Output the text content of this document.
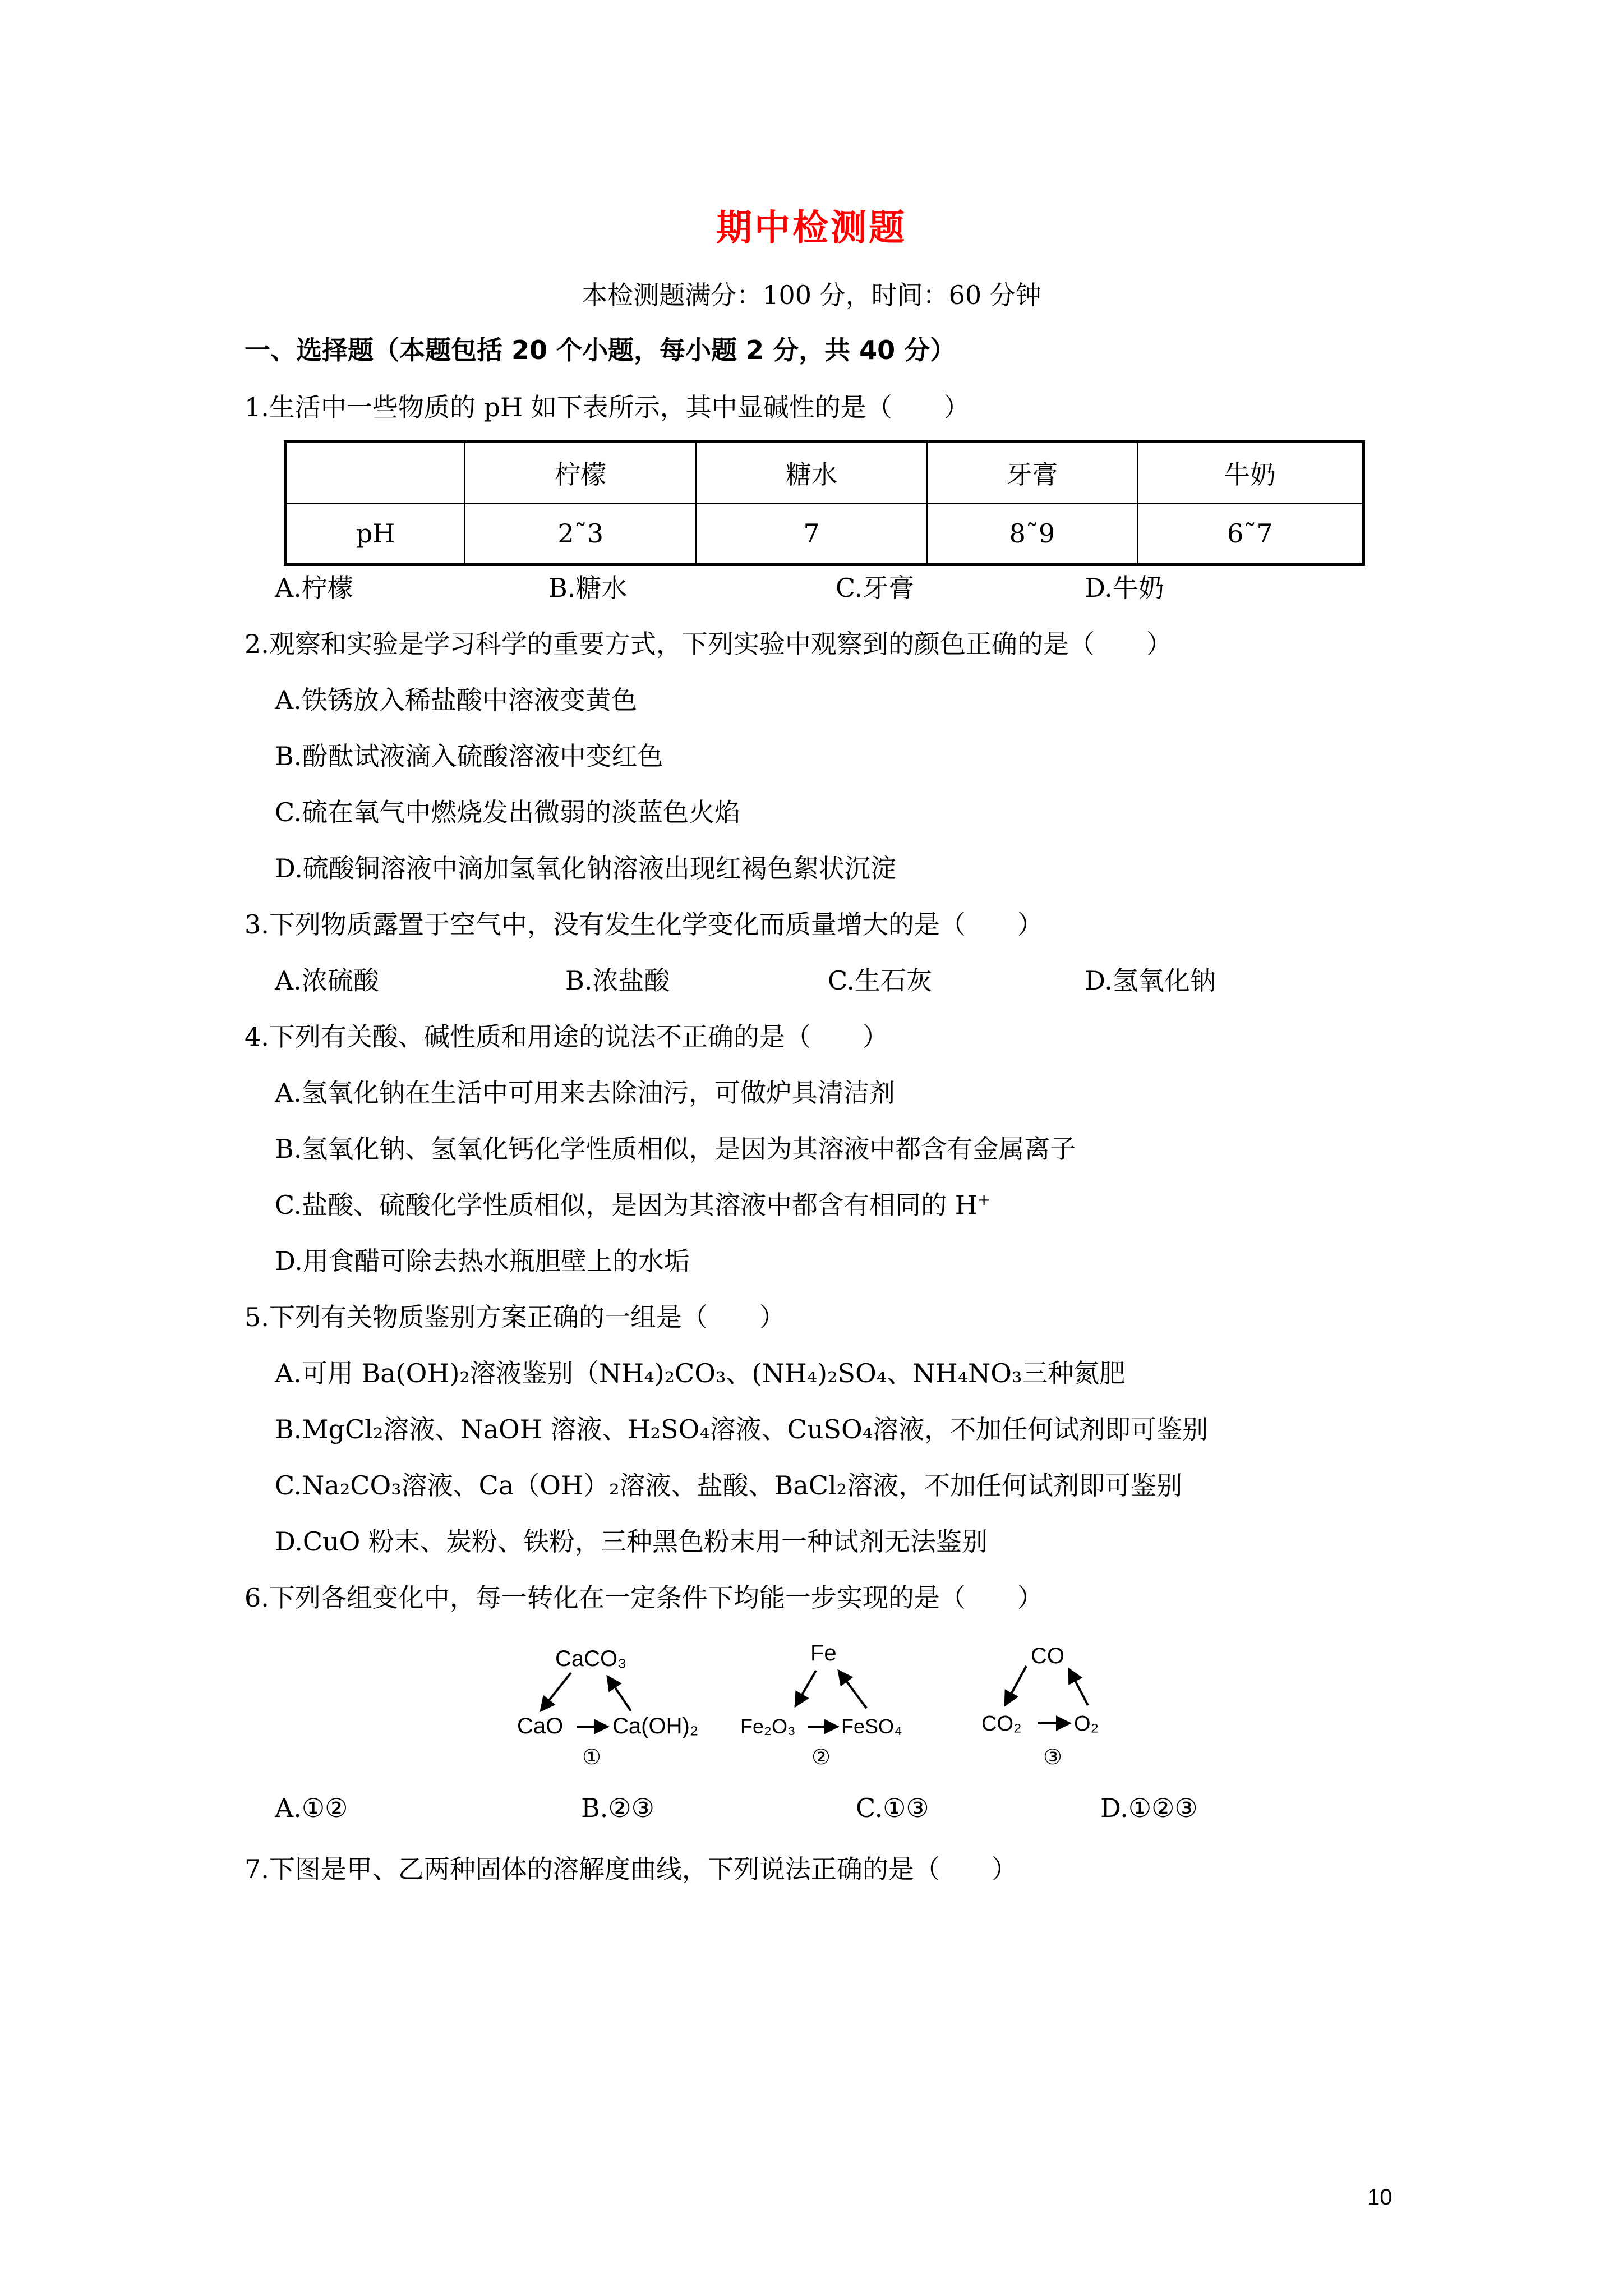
期中检测题
本检测题满分：100 分，时间：60 分钟
一、选择题（本题包括 20 个小题，每小题 2 分，共 40 分）
1.生活中一些物质的 pH 如下表所示，其中显碱性的是（　　）
	柠檬	糖水	牙膏	牛奶
pH	2˜3	7	8˜9	6˜7
A.柠檬	B.糖水	C.牙膏	D.牛奶
2.观察和实验是学习科学的重要方式，下列实验中观察到的颜色正确的是（　　）
A.铁锈放入稀盐酸中溶液变黄色
B.酚酞试液滴入硫酸溶液中变红色
C.硫在氧气中燃烧发出微弱的淡蓝色火焰
D.硫酸铜溶液中滴加氢氧化钠溶液出现红褐色絮状沉淀
3.下列物质露置于空气中，没有发生化学变化而质量增大的是（　　）
A.浓硫酸	B.浓盐酸	C.生石灰	D.氢氧化钠
4.下列有关酸、碱性质和用途的说法不正确的是（　　）
A.氢氧化钠在生活中可用来去除油污，可做炉具清洁剂
B.氢氧化钠、氢氧化钙化学性质相似，是因为其溶液中都含有金属离子
C.盐酸、硫酸化学性质相似，是因为其溶液中都含有相同的 H+
D.用食醋可除去热水瓶胆壁上的水垢
5.下列有关物质鉴别方案正确的一组是（　　）
A.可用 Ba(OH)₂溶液鉴别（NH₄)₂CO₃、(NH₄)₂SO₄、NH₄NO₃三种氮肥
B.MgCl₂溶液、NaOH 溶液、H₂SO₄溶液、CuSO₄溶液，不加任何试剂即可鉴别
C.Na₂CO₃溶液、Ca（OH）₂溶液、盐酸、BaCl₂溶液，不加任何试剂即可鉴别
D.CuO 粉末、炭粉、铁粉，三种黑色粉末用一种试剂无法鉴别
6.下列各组变化中，每一转化在一定条件下均能一步实现的是（　　）
CaCO₃
CaO Ca(OH)₂
①
Fe
Fe₂O₃ FeSO₄
②
CO
CO₂ O₂
③
A.①②	B.②③	C.①③	D.①②③
7.下图是甲、乙两种固体的溶解度曲线，下列说法正确的是（　　）
10
